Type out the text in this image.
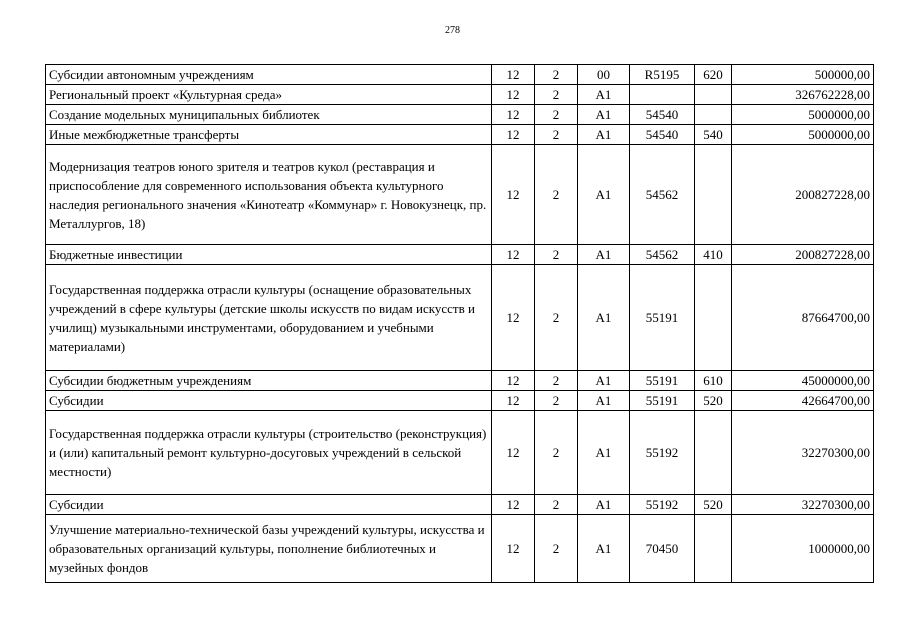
278
Субсидии автономным учреждениям	12	2	00	R5195	620	500000,00
Региональный проект «Культурная среда»	12	2	A1			326762228,00
Создание модельных муниципальных библиотек	12	2	A1	54540		5000000,00
Иные межбюджетные трансферты	12	2	A1	54540	540	5000000,00
Модернизация театров юного зрителя и театров кукол (реставрация и приспособление для современного использования объекта культурного наследия регионального значения «Кинотеатр «Коммунар» г. Новокузнецк, пр. Металлургов, 18)	12	2	A1	54562		200827228,00
Бюджетные инвестиции	12	2	A1	54562	410	200827228,00
Государственная поддержка отрасли культуры (оснащение образовательных учреждений в сфере культуры (детские школы искусств по видам искусств и училищ) музыкальными инструментами, оборудованием и учебными материалами)	12	2	A1	55191		87664700,00
Субсидии бюджетным учреждениям	12	2	A1	55191	610	45000000,00
Субсидии	12	2	A1	55191	520	42664700,00
Государственная поддержка отрасли культуры (строительство (реконструкция) и (или) капитальный ремонт культурно-досуговых учреждений в сельской местности)	12	2	A1	55192		32270300,00
Субсидии	12	2	A1	55192	520	32270300,00
Улучшение материально-технической базы учреждений культуры, искусства и образовательных организаций культуры, пополнение библиотечных и музейных фондов	12	2	A1	70450		1000000,00
